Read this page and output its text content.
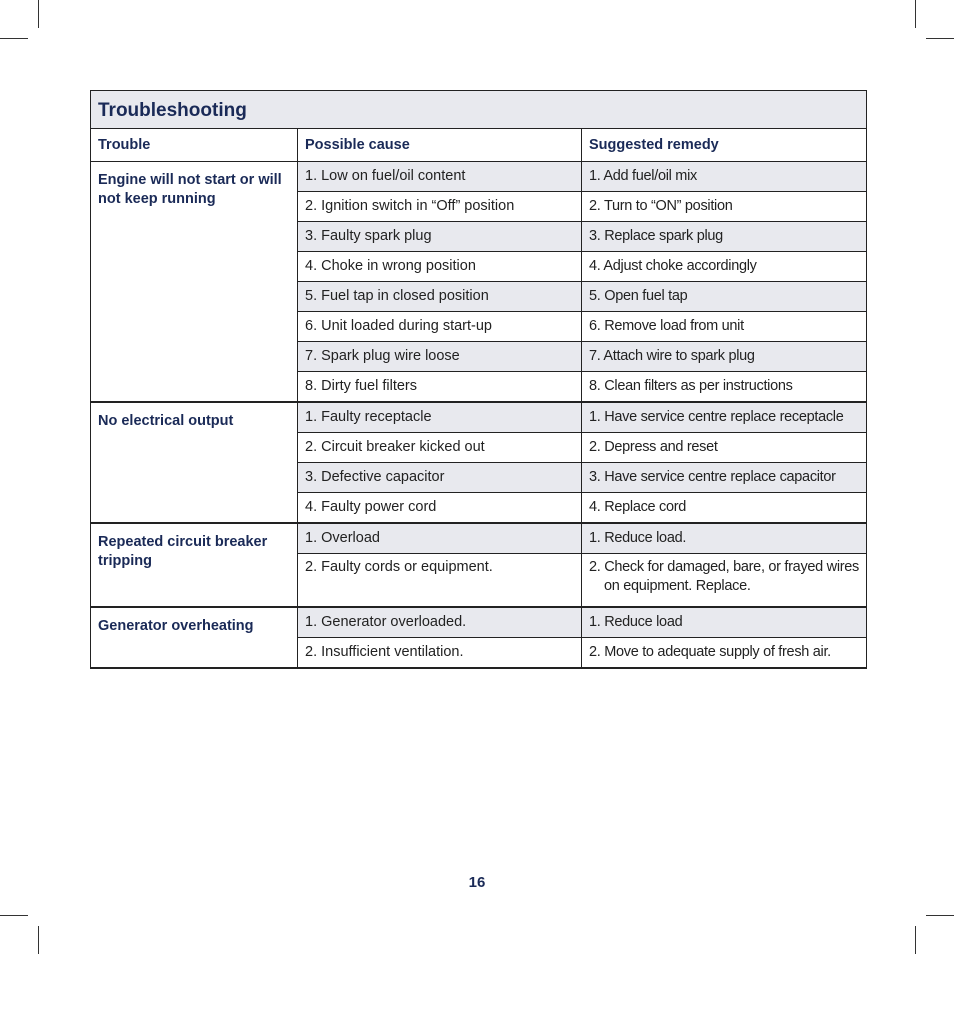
Troubleshooting		
Trouble	Possible cause	Suggested remedy
Engine will not start or will not keep running	1. Low on fuel/oil content	1. Add fuel/oil mix
	2. Ignition switch in “Off” position	2. Turn to “ON” position
	3. Faulty spark plug	3. Replace spark plug
	4. Choke in wrong position	4. Adjust choke accordingly
	5. Fuel tap in closed position	5. Open fuel tap
	6. Unit loaded during start-up	6. Remove load from unit
	7. Spark plug wire loose	7. Attach wire to spark plug
	8. Dirty fuel filters	8. Clean filters as per instructions
No electrical output	1. Faulty receptacle	1. Have service centre replace receptacle
	2. Circuit breaker kicked out	2. Depress and reset
	3. Defective capacitor	3. Have service centre replace capacitor
	4. Faulty power cord	4. Replace cord
Repeated circuit breaker tripping	1. Overload	1. Reduce load.
	2. Faulty cords or equipment.	2. Check for damaged, bare, or frayed wires
on equipment. Replace.

Generator overheating	1. Generator overloaded.	1. Reduce load
	2. Insufficient ventilation.	2. Move to adequate supply of fresh air.
16
